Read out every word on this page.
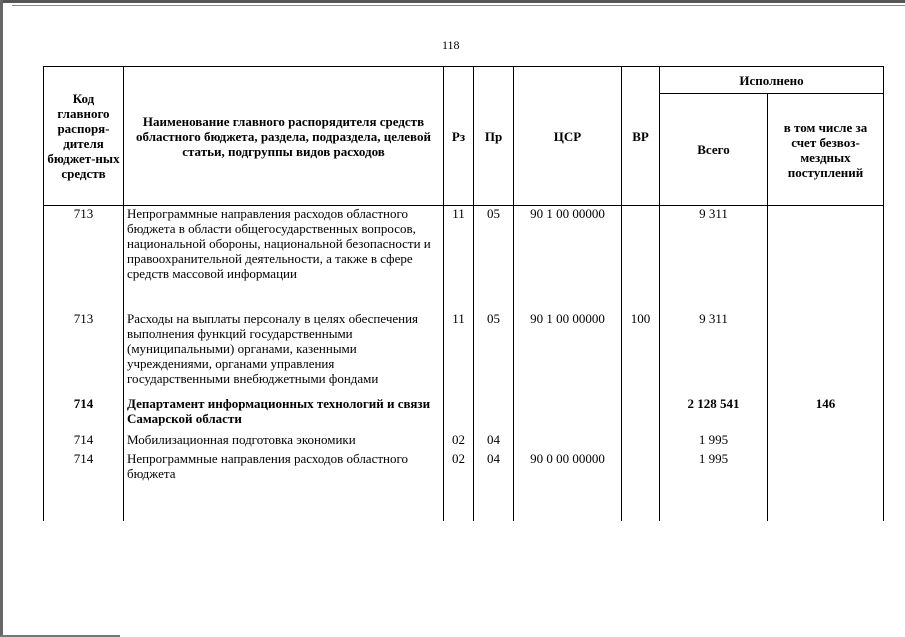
118
Код главного распоря-дителя бюджет-ных средств	Наименование главного распорядителя средств областного бюджета, раздела, подраздела, целевой статьи, подгруппы видов расходов	Рз	Пр	ЦСР	ВР	Исполнено	
						Всего	в том числе за счет безвоз-мездных поступлений
713	Непрограммные направления расходов областного бюджета в области общегосударственных вопросов, национальной обороны, национальной безопасности и правоохранительной деятельности, а также в сфере средств массовой информации	11	05	90 1 00 00000		9 311	

713	Расходы на выплаты персоналу в целях обеспечения выполнения функций государственными (муниципальными) органами, казенными учреждениями, органами управления государственными внебюджетными фондами	11	05	90 1 00 00000	100	9 311	

714	Департамент информационных технологий и связи Самарской области					2 128 541	146

714	Мобилизационная подготовка экономики	02	04			1 995	

714	Непрограммные направления расходов областного бюджета	02	04	90 0 00 00000		1 995	
